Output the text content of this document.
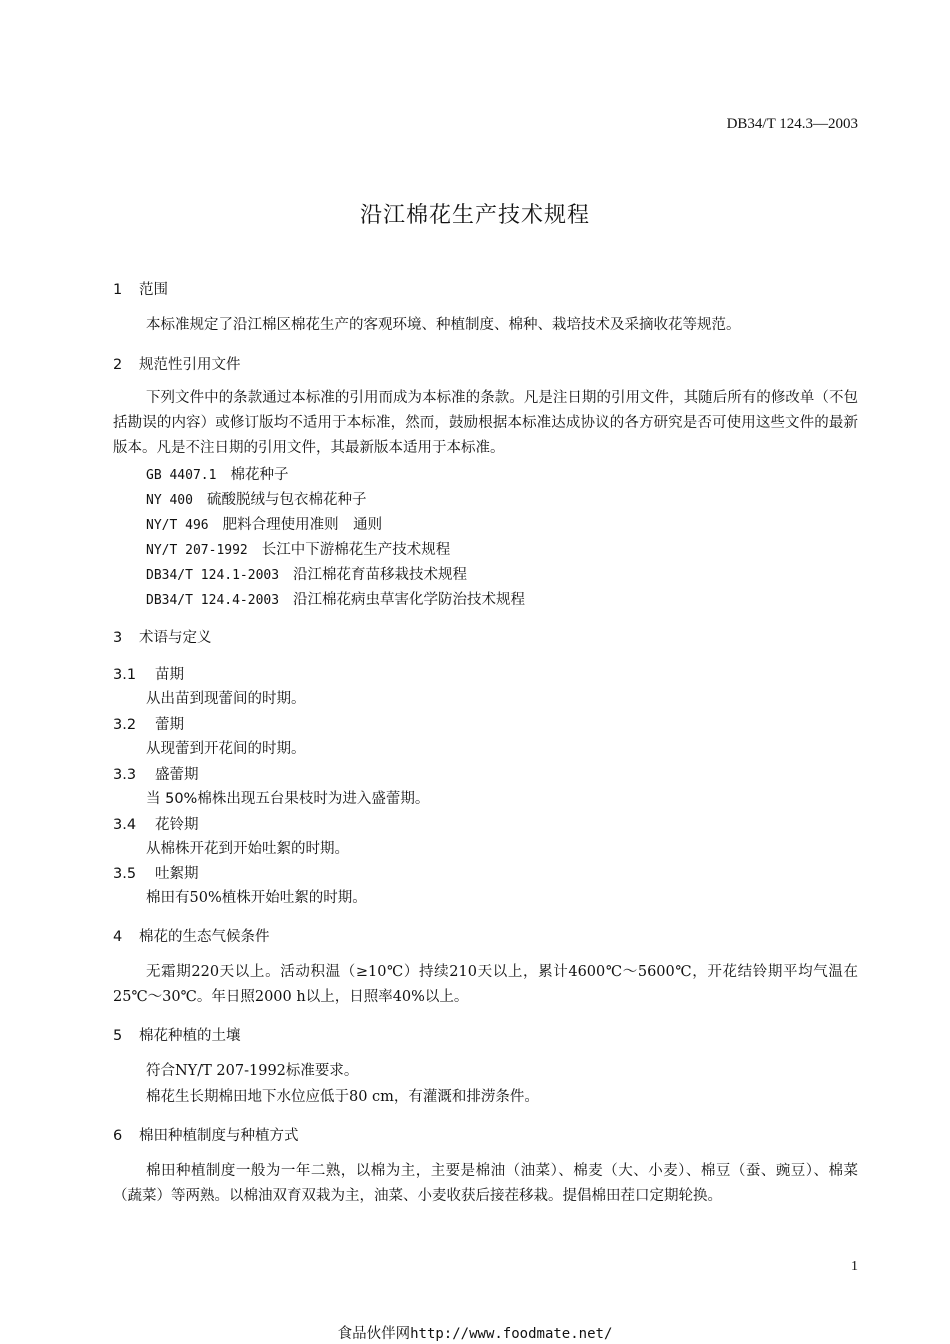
DB34/T 124.3—2003
沿江棉花生产技术规程
1 范围
本标准规定了沿江棉区棉花生产的客观环境、种植制度、棉种、栽培技术及采摘收花等规范。
2 规范性引用文件
下列文件中的条款通过本标准的引用而成为本标准的条款。凡是注日期的引用文件，其随后所有的修改单（不包括勘误的内容）或修订版均不适用于本标准，然而，鼓励根据本标准达成协议的各方研究是否可使用这些文件的最新版本。凡是不注日期的引用文件，其最新版本适用于本标准。
GB 4407.1 棉花种子
NY 400 硫酸脱绒与包衣棉花种子
NY/T 496 肥料合理使用准则　通则
NY/T 207-1992 长江中下游棉花生产技术规程
DB34/T 124.1-2003 沿江棉花育苗移栽技术规程
DB34/T 124.4-2003 沿江棉花病虫草害化学防治技术规程
3 术语与定义
3.1 苗期
从出苗到现蕾间的时期。
3.2 蕾期
从现蕾到开花间的时期。
3.3 盛蕾期
当 50%棉株出现五台果枝时为进入盛蕾期。
3.4 花铃期
从棉株开花到开始吐絮的时期。
3.5 吐絮期
棉田有50%植株开始吐絮的时期。
4 棉花的生态气候条件
无霜期220天以上。活动积温（≥10℃）持续210天以上，累计4600℃～5600℃，开花结铃期平均气温在25℃～30℃。年日照2000 h以上，日照率40%以上。
5 棉花种植的土壤
符合NY/T 207-1992标准要求。
棉花生长期棉田地下水位应低于80 cm，有灌溉和排涝条件。
6 棉田种植制度与种植方式
棉田种植制度一般为一年二熟，以棉为主，主要是棉油（油菜）、棉麦（大、小麦）、棉豆（蚕、豌豆）、棉菜（蔬菜）等两熟。以棉油双育双栽为主，油菜、小麦收获后接茬移栽。提倡棉田茬口定期轮换。
1
食品伙伴网http://www.foodmate.net/
